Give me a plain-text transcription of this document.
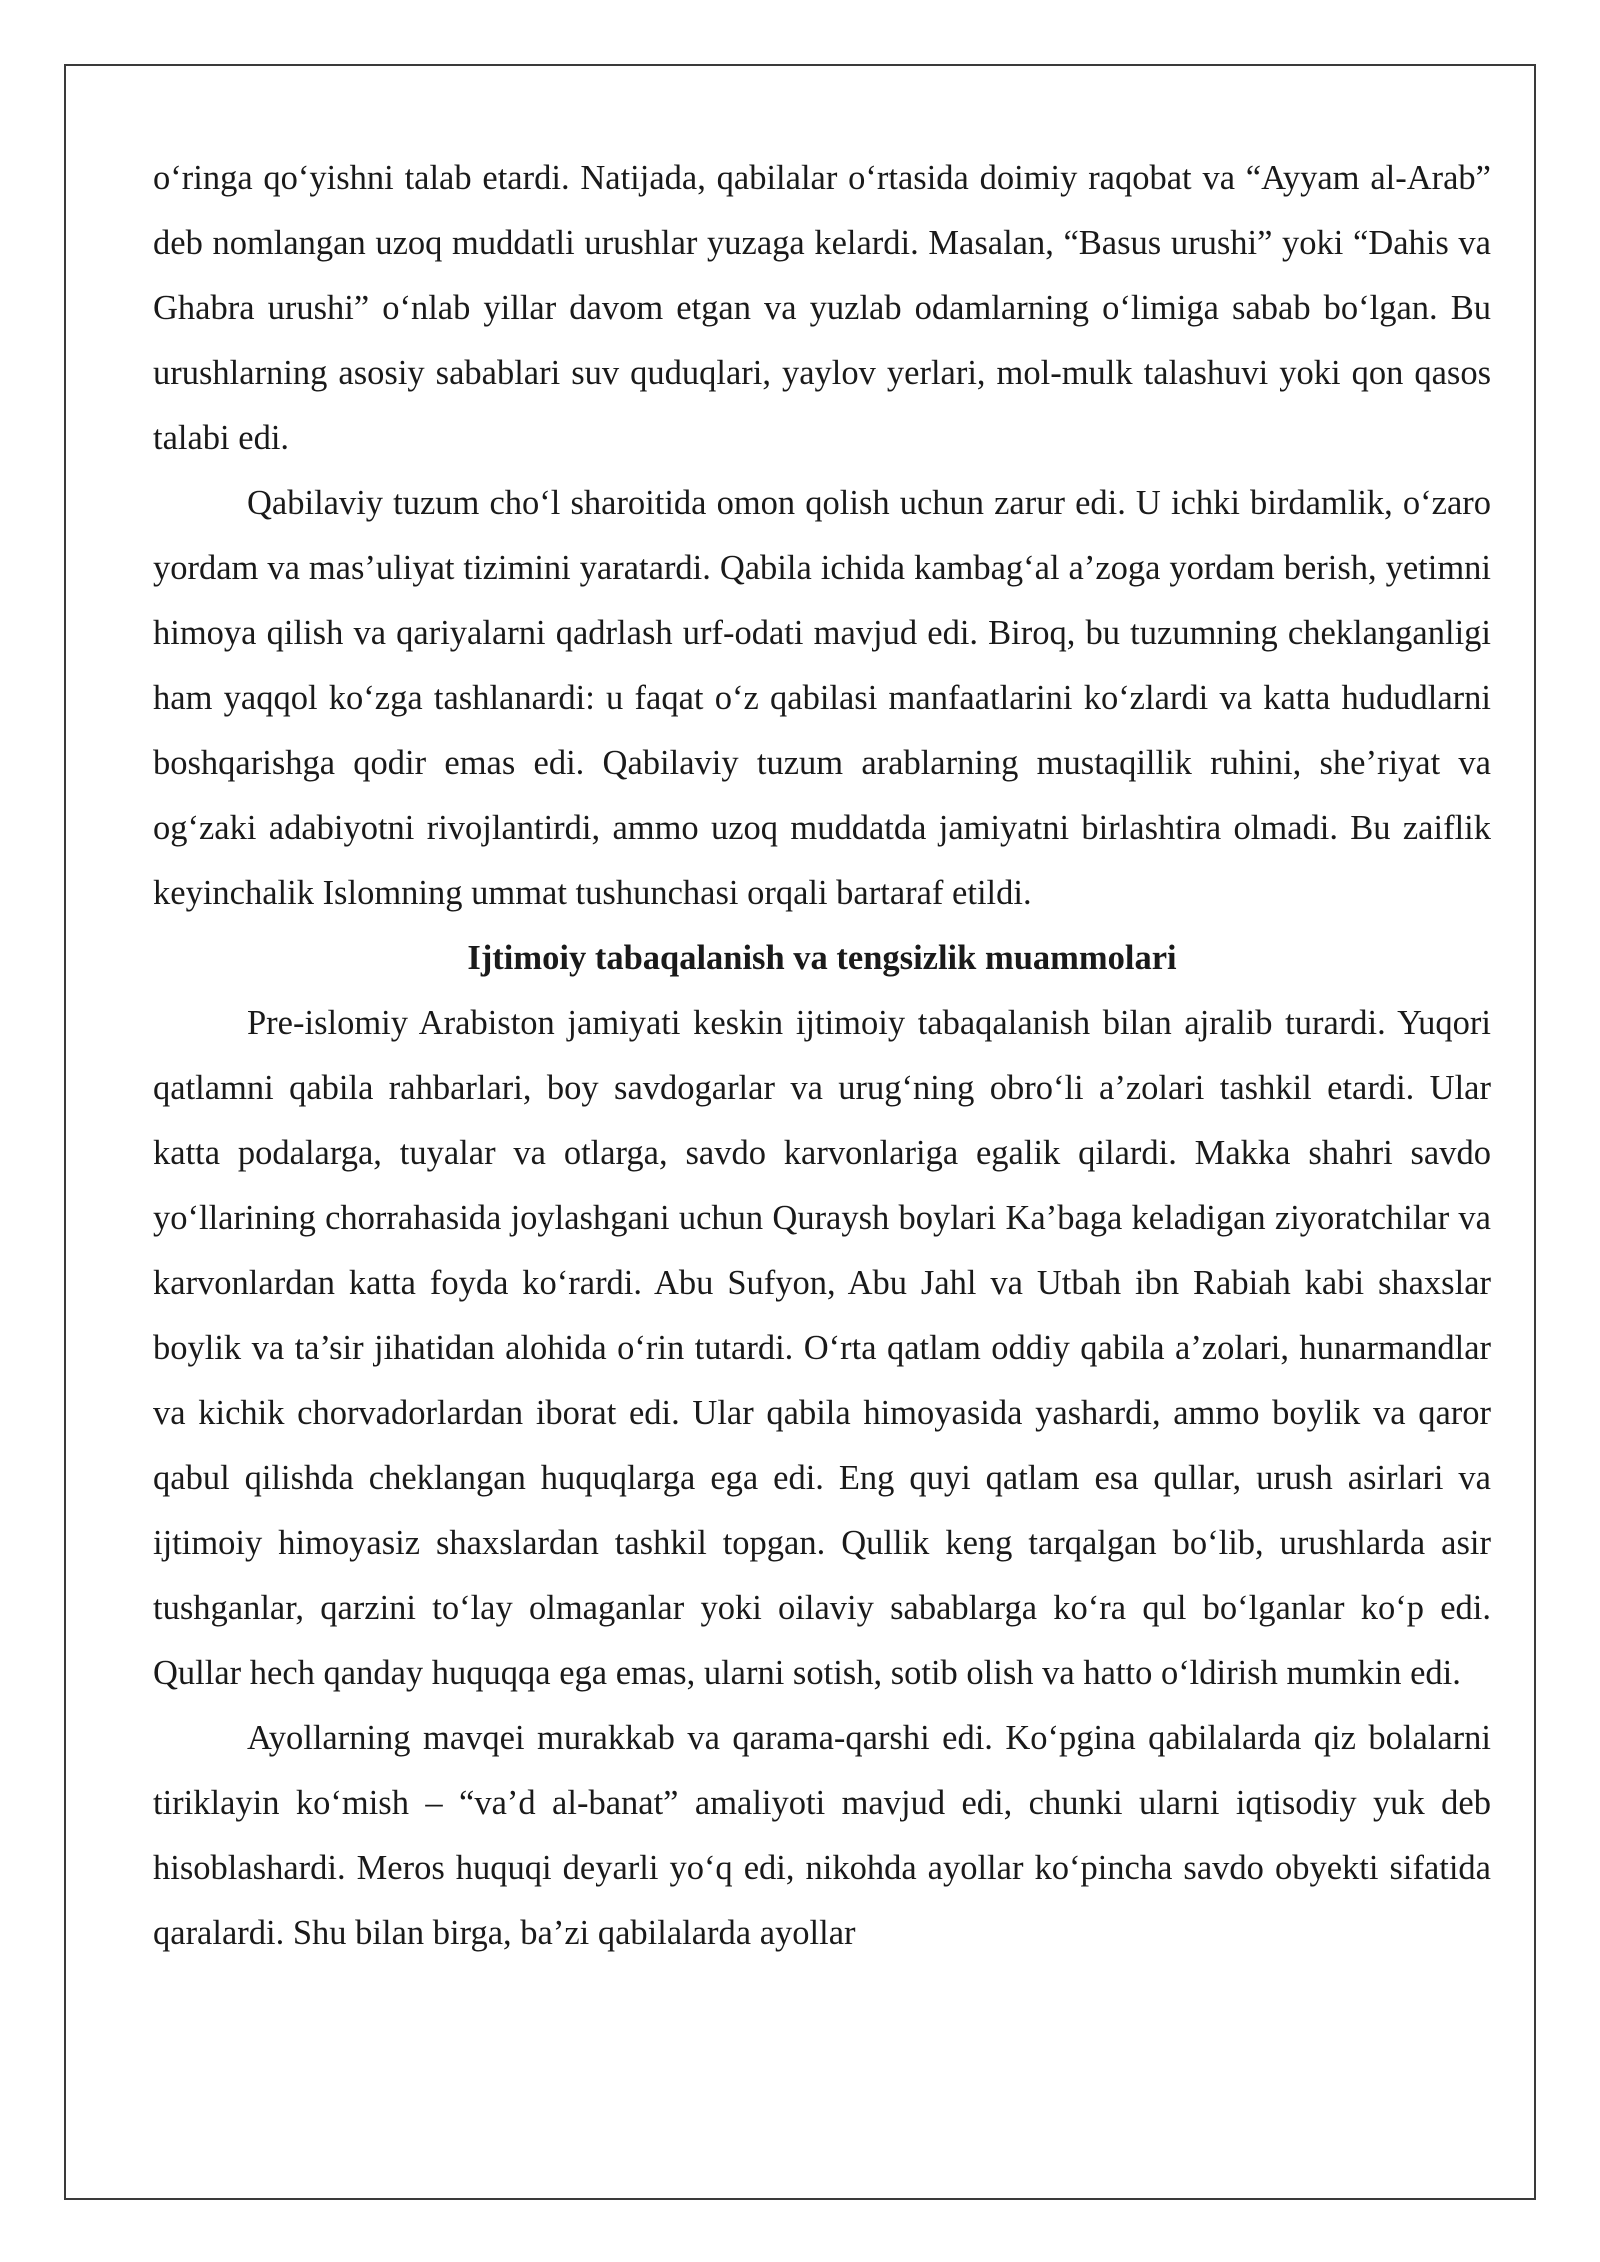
o‘ringa qo‘yishni talab etardi. Natijada, qabilalar o‘rtasida doimiy raqobat va “Ayyam al-Arab” deb nomlangan uzoq muddatli urushlar yuzaga kelardi. Masalan, “Basus urushi” yoki “Dahis va Ghabra urushi” o‘nlab yillar davom etgan va yuzlab odamlarning o‘limiga sabab bo‘lgan. Bu urushlarning asosiy sabablari suv quduqlari, yaylov yerlari, mol-mulk talashuvi yoki qon qasos talabi edi.

Qabilaviy tuzum cho‘l sharoitida omon qolish uchun zarur edi. U ichki birdamlik, o‘zaro yordam va mas’uliyat tizimini yaratardi. Qabila ichida kambag‘al a’zoga yordam berish, yetimni himoya qilish va qariyalarni qadrlash urf-odati mavjud edi. Biroq, bu tuzumning cheklanganligi ham yaqqol ko‘zga tashlanardi: u faqat o‘z qabilasi manfaatlarini ko‘zlardi va katta hududlarni boshqarishga qodir emas edi. Qabilaviy tuzum arablarning mustaqillik ruhini, she’riyat va og‘zaki adabiyotni rivojlantirdi, ammo uzoq muddatda jamiyatni birlashtira olmadi. Bu zaiflik keyinchalik Islomning ummat tushunchasi orqali bartaraf etildi.

Ijtimoiy tabaqalanish va tengsizlik muammolari

Pre-islomiy Arabiston jamiyati keskin ijtimoiy tabaqalanish bilan ajralib turardi. Yuqori qatlamni qabila rahbarlari, boy savdogarlar va urug‘ning obro‘li a’zolari tashkil etardi. Ular katta podalarga, tuyalar va otlarga, savdo karvonlariga egalik qilardi. Makka shahri savdo yo‘llarining chorrahasida joylashgani uchun Quraysh boylari Ka’baga keladigan ziyoratchilar va karvonlardan katta foyda ko‘rardi. Abu Sufyon, Abu Jahl va Utbah ibn Rabiah kabi shaxslar boylik va ta’sir jihatidan alohida o‘rin tutardi. O‘rta qatlam oddiy qabila a’zolari, hunarmandlar va kichik chorvadorlardan iborat edi. Ular qabila himoyasida yashardi, ammo boylik va qaror qabul qilishda cheklangan huquqlarga ega edi. Eng quyi qatlam esa qullar, urush asirlari va ijtimoiy himoyasiz shaxslardan tashkil topgan. Qullik keng tarqalgan bo‘lib, urushlarda asir tushganlar, qarzini to‘lay olmaganlar yoki oilaviy sabablarga ko‘ra qul bo‘lganlar ko‘p edi. Qullar hech qanday huquqqa ega emas, ularni sotish, sotib olish va hatto o‘ldirish mumkin edi.

Ayollarning mavqei murakkab va qarama-qarshi edi. Ko‘pgina qabilalarda qiz bolalarni tiriklayin ko‘mish – “va’d al-banat” amaliyoti mavjud edi, chunki ularni iqtisodiy yuk deb hisoblashardi. Meros huquqi deyarli yo‘q edi, nikohda ayollar ko‘pincha savdo obyekti sifatida qaralardi. Shu bilan birga, ba’zi qabilalarda ayollar
